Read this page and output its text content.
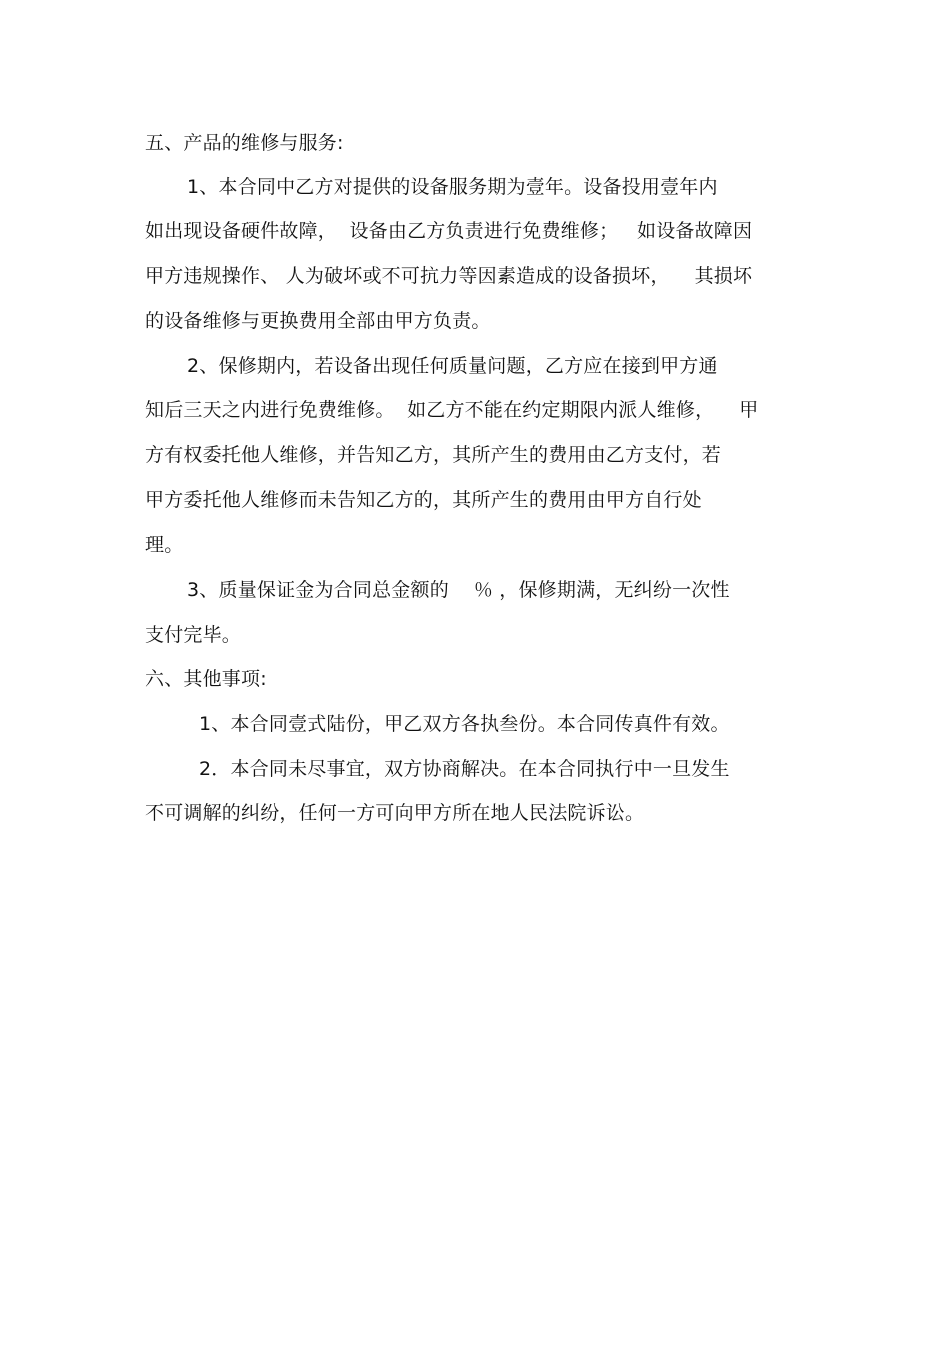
五、产品的维修与服务:

1、本合同中乙方对提供的设备服务期为壹年。设备投用壹年内

如出现设备硬件故障，  设备由乙方负责进行免费维修；   如设备故障因

甲方违规操作、 人为破坏或不可抗力等因素造成的设备损坏，    其损坏

的设备维修与更换费用全部由甲方负责。

2、保修期内，若设备出现任何质量问题，乙方应在接到甲方通

知后三天之内进行免费维修。  如乙方不能在约定期限内派人维修，    甲

方有权委托他人维修，并告知乙方，其所产生的费用由乙方支付，若

甲方委托他人维修而未告知乙方的，其所产生的费用由甲方自行处

理。

3、质量保证金为合同总金额的    ％ ，保修期满，无纠纷一次性

支付完毕。

六、其他事项:

1、本合同壹式陆份，甲乙双方各执叁份。本合同传真件有效。

2．本合同未尽事宜，双方协商解决。在本合同执行中一旦发生

不可调解的纠纷，任何一方可向甲方所在地人民法院诉讼。
